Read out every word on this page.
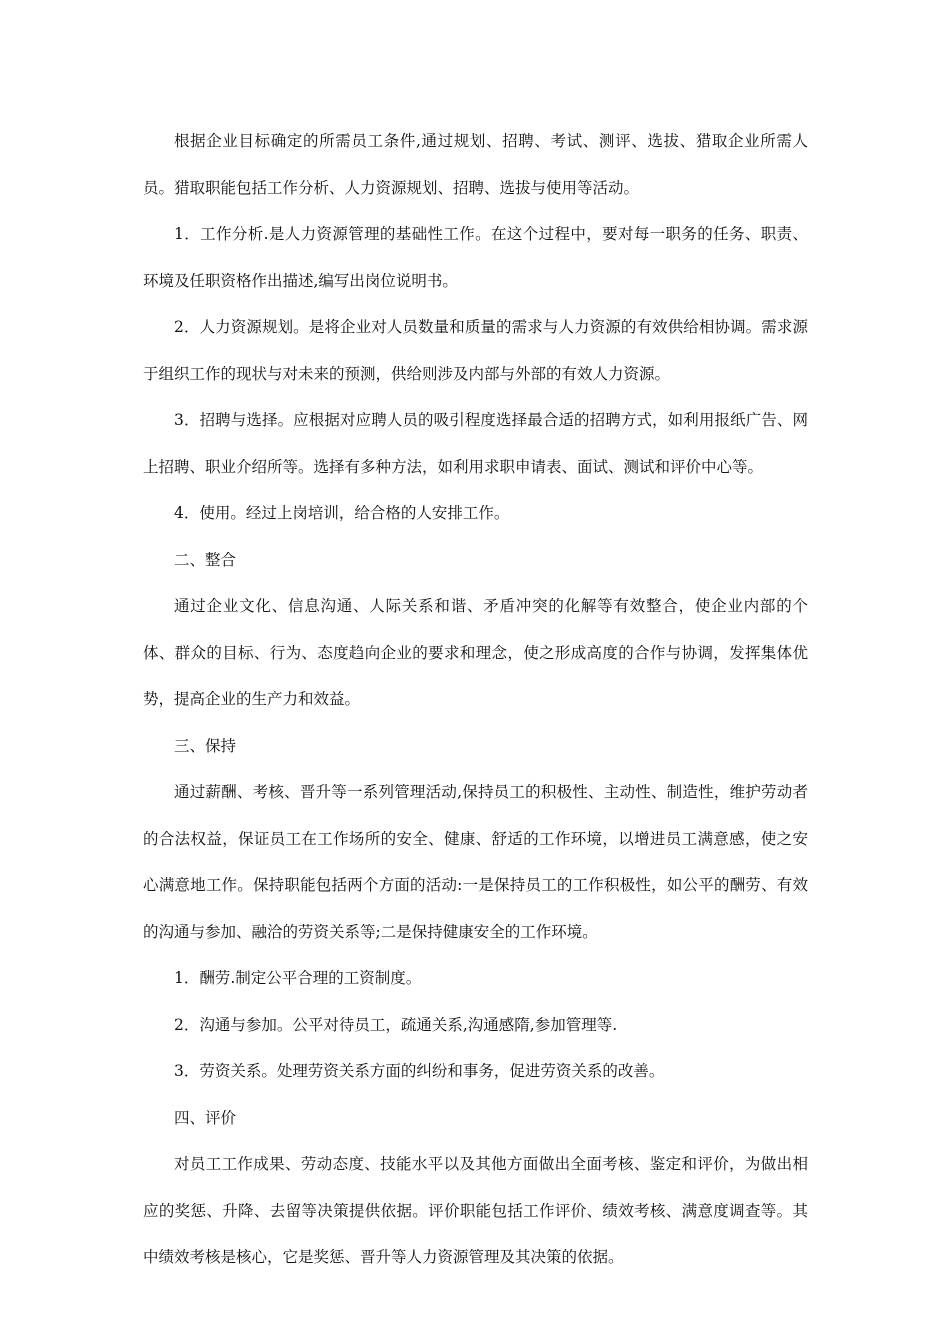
根据企业目标确定的所需员工条件,通过规划、招聘、考试、测评、选拔、猎取企业所需人员。猎取职能包括工作分析、人力资源规划、招聘、选拔与使用等活动。

1．工作分析.是人力资源管理的基础性工作。在这个过程中，要对每一职务的任务、职责、环境及任职资格作出描述,编写出岗位说明书。

2．人力资源规划。是将企业对人员数量和质量的需求与人力资源的有效供给相协调。需求源于组织工作的现状与对未来的预测，供给则涉及内部与外部的有效人力资源。

3．招聘与选择。应根据对应聘人员的吸引程度选择最合适的招聘方式，如利用报纸广告、网上招聘、职业介绍所等。选择有多种方法，如利用求职申请表、面试、测试和评价中心等。

4．使用。经过上岗培训，给合格的人安排工作。

二、整合

通过企业文化、信息沟通、人际关系和谐、矛盾冲突的化解等有效整合，使企业内部的个体、群众的目标、行为、态度趋向企业的要求和理念，使之形成高度的合作与协调，发挥集体优势，提高企业的生产力和效益。

三、保持

通过薪酬、考核、晋升等一系列管理活动,保持员工的积极性、主动性、制造性，维护劳动者的合法权益，保证员工在工作场所的安全、健康、舒适的工作环境，以增进员工满意感，使之安心满意地工作。保持职能包括两个方面的活动:一是保持员工的工作积极性，如公平的酬劳、有效的沟通与参加、融洽的劳资关系等;二是保持健康安全的工作环境。

1．酬劳.制定公平合理的工资制度。

2．沟通与参加。公平对待员工，疏通关系,沟通感隋,参加管理等.

3．劳资关系。处理劳资关系方面的纠纷和事务，促进劳资关系的改善。

四、评价

对员工工作成果、劳动态度、技能水平以及其他方面做出全面考核、鉴定和评价，为做出相应的奖惩、升降、去留等决策提供依据。评价职能包括工作评价、绩效考核、满意度调查等。其中绩效考核是核心，它是奖惩、晋升等人力资源管理及其决策的依据。
